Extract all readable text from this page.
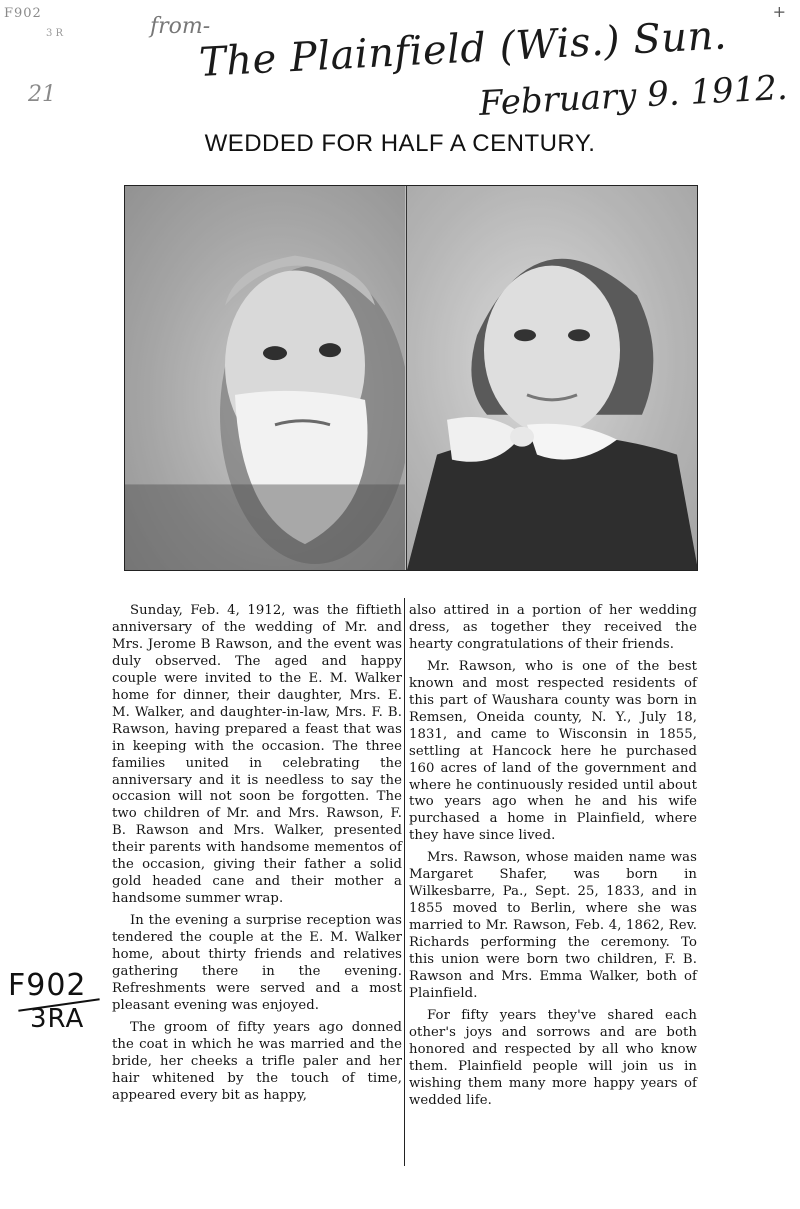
F902
3 R
21
from-
The Plainfield (Wis.) Sun.
February 9. 1912.
+
WEDDED FOR HALF A CENTURY.

Sunday, Feb. 4, 1912, was the fiftieth anniversary of the wedding of Mr. and Mrs. Jerome B Rawson, and the event was duly observed. The aged and happy couple were invited to the E. M. Walker home for dinner, their daughter, Mrs. E. M. Walker, and daughter-in-law, Mrs. F. B. Rawson, having prepared a feast that was in keeping with the occasion. The three families united in celebrating the anniversary and it is needless to say the occasion will not soon be forgotten. The two children of Mr. and Mrs. Rawson, F. B. Rawson and Mrs. Walker, presented their parents with handsome mementos of the occasion, giving their father a solid gold headed cane and their mother a handsome summer wrap.

In the evening a surprise reception was tendered the couple at the E. M. Walker home, about thirty friends and relatives gathering there in the evening. Refreshments were served and a most pleasant evening was enjoyed.

The groom of fifty years ago donned the coat in which he was married and the bride, her cheeks a trifle paler and her hair whitened by the touch of time, appeared every bit as happy,

also attired in a portion of her wedding dress, as together they received the hearty congratulations of their friends.

Mr. Rawson, who is one of the best known and most respected residents of this part of Waushara county was born in Remsen, Oneida county, N. Y., July 18, 1831, and came to Wisconsin in 1855, settling at Hancock here he purchased 160 acres of land of the government and where he continuously resided until about two years ago when he and his wife purchased a home in Plainfield, where they have since lived.

Mrs. Rawson, whose maiden name was Margaret Shafer, was born in Wilkesbarre, Pa., Sept. 25, 1833, and in 1855 moved to Berlin, where she was married to Mr. Rawson, Feb. 4, 1862, Rev. Richards performing the ceremony. To this union were born two children, F. B. Rawson and Mrs. Emma Walker, both of Plainfield.

For fifty years they've shared each other's joys and sorrows and are both honored and respected by all who know them. Plainfield people will join us in wishing them many more happy years of wedded life.

F902
3RA
